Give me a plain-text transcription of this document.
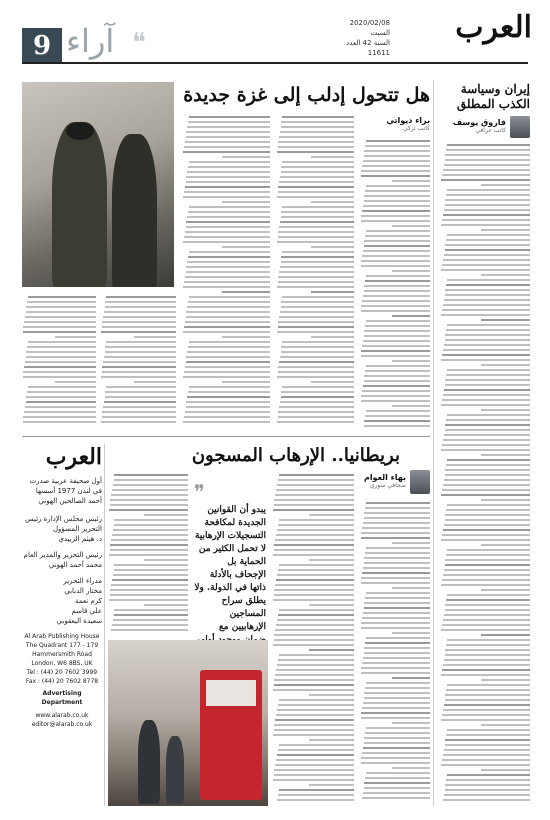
العرب
2020/02/08 السبت
السنة 42 العدد 11611
❝
آراء
9
إيران وسياسة
الكذب المطلق
فاروق يوسف
كاتب عراقي
هل تتحول إدلب إلى غزة جديدة
براء ديواتي
كاتب تركي
بريطانيا.. الإرهاب المسجون
بهاء العوام
صحافي سوري
❞
يبدو أن القوانين الجديدة لمكافحة التسجيلات الإرهابية لا تحمل الكثير من الحماية بل الإجحاف بالأدلة ذاتها في الدولة. ولا يطلق سراح المساجين الإرهابيين مع
العرب
أول صحيفة عربية صدرت في لندن 1977 أسسها أحمد الصالحين الهوني
رئيس مجلس الإدارة رئيس التحرير المسؤول
د. هيثم الزبيدي
رئيس التحرير والمدير العام
محمد أحمد الهوني
مدراء التحرير
مختار الدبابي
كرم نعمة
علي قاسم
سعيدة اليعقوبي
Al Arab Publishing House
The Quadrant 177 - 179 Hammersmith Road London, W6 8BS, UK
Tel : (44) 20 7602 3999
Fax : (44) 20 7602 8778
Advertising Department
www.alarab.co.uk
editor@alarab.co.uk
